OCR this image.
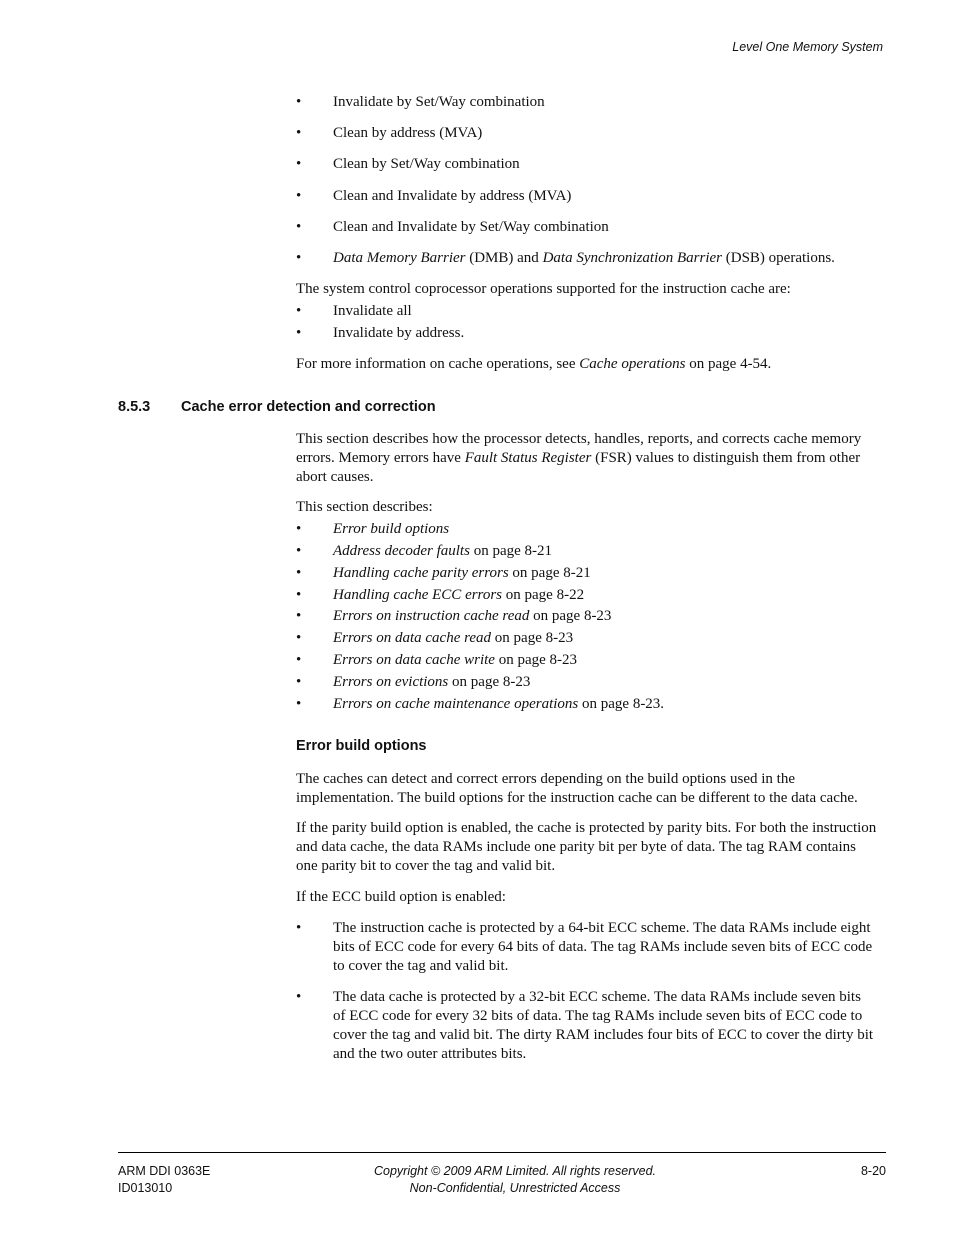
Level One Memory System
• Invalidate by Set/Way combination
• Clean by address (MVA)
• Clean by Set/Way combination
• Clean and Invalidate by address (MVA)
• Clean and Invalidate by Set/Way combination
• Data Memory Barrier (DMB) and Data Synchronization Barrier (DSB) operations.
The system control coprocessor operations supported for the instruction cache are:
• Invalidate all
• Invalidate by address.
For more information on cache operations, see Cache operations on page 4-54.
8.5.3 Cache error detection and correction
This section describes how the processor detects, handles, reports, and corrects cache memory
errors. Memory errors have Fault Status Register (FSR) values to distinguish them from other
abort causes.
This section describes:
• Error build options
• Address decoder faults on page 8-21
• Handling cache parity errors on page 8-21
• Handling cache ECC errors on page 8-22
• Errors on instruction cache read on page 8-23
• Errors on data cache read on page 8-23
• Errors on data cache write on page 8-23
• Errors on evictions on page 8-23
• Errors on cache maintenance operations on page 8-23.
Error build options
The caches can detect and correct errors depending on the build options used in the
implementation. The build options for the instruction cache can be different to the data cache.
If the parity build option is enabled, the cache is protected by parity bits. For both the instruction
and data cache, the data RAMs include one parity bit per byte of data. The tag RAM contains
one parity bit to cover the tag and valid bit.
If the ECC build option is enabled:
• The instruction cache is protected by a 64-bit ECC scheme. The data RAMs include eight
bits of ECC code for every 64 bits of data. The tag RAMs include seven bits of ECC code
to cover the tag and valid bit.
• The data cache is protected by a 32-bit ECC scheme. The data RAMs include seven bits
of ECC code for every 32 bits of data. The tag RAMs include seven bits of ECC code to
cover the tag and valid bit. The dirty RAM includes four bits of ECC to cover the dirty bit
and the two outer attributes bits.
ARM DDI 0363E
ID013010
Copyright © 2009 ARM Limited. All rights reserved.
Non-Confidential, Unrestricted Access
8-20
